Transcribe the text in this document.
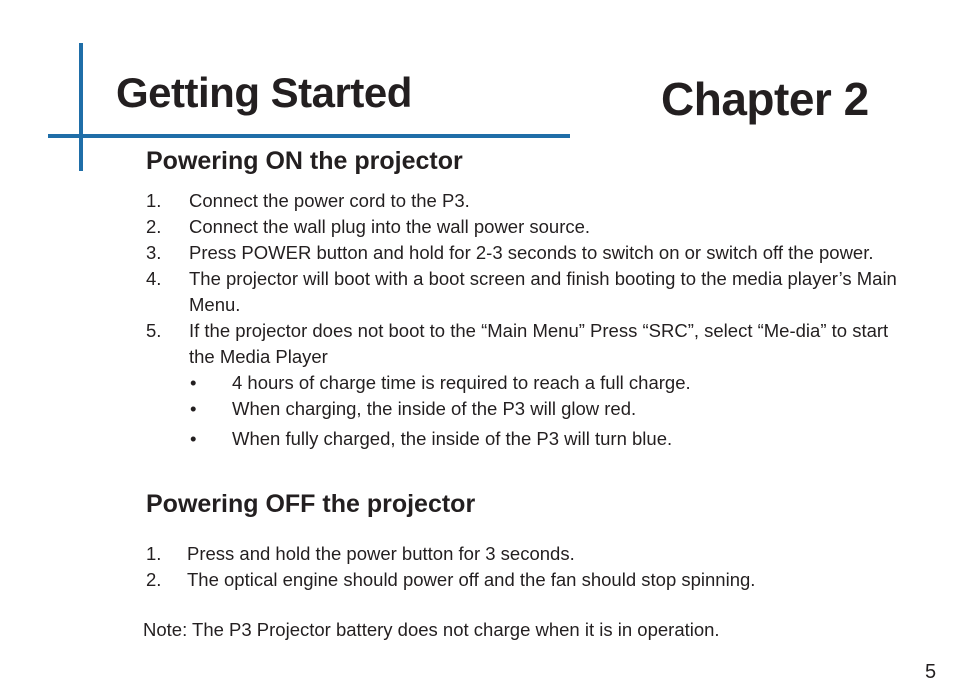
Getting Started	Chapter 2
Powering ON the projector
1. Connect the power cord to the P3.
2. Connect the wall plug into the wall power source.
3. Press POWER button and hold for 2-3 seconds to switch on or switch off the power.
4. The projector will boot with a boot screen and finish booting to the media player’s Main Menu.
5. If the projector does not boot to the “Main Menu” Press “SRC”, select “Me-dia” to start the Media Player
• 4 hours of charge time is required to reach a full charge.
• When charging, the inside of the P3 will glow red.
• When fully charged, the inside of the P3 will turn blue.
Powering OFF the projector
1. Press and hold the power button for 3 seconds.
2. The optical engine should power off and the fan should stop spinning.
Note: The P3 Projector battery does not charge when it is in operation.
5
